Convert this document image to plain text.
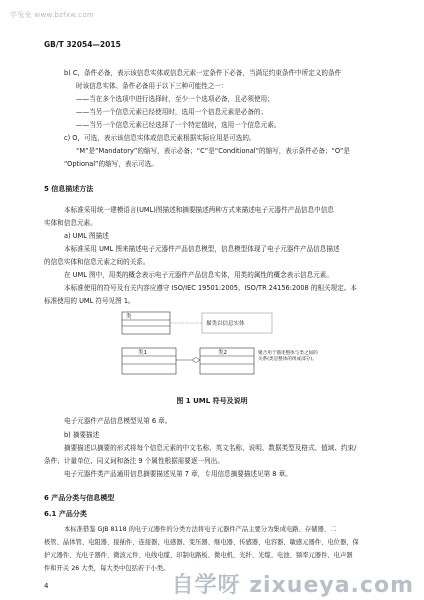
学兔兔 www.bzfxw.com
GB/T 32054—2015
b) C，条件必备，表示该信息实体或信息元素一定条件下必备，当满足约束条件中所定义的条件
时该信息实体、条件必备用于以下三种可能性之一：
——当在多个选项中进行选择时，至少一个选项必备，且必须使用；
——当另一个信息元素已经使用时，选用一个信息元素是必备的；
——当另一个信息元素已经选择了一个特定值时，选用一个信息元素。
c) O，可选，表示该信息实体或信息元素根据实际应用是可选的。
“M”是“Mandatory”的缩写，表示必备；“C”是“Conditional”的缩写，表示条件必备；“O”是
“Optional”的缩写，表示可选。
5 信息描述方法
本标准采用统一建模语言(UML)图描述和摘要描述两种方式来描述电子元器件产品信息中信息
实体和信息元素。
a) UML 图描述
本标准采用 UML 图来描述电子元器件产品信息模型，信息模型体现了电子元器件产品信息描述
的信息实体和信息元素之间的关系。
在 UML 图中，用类的概念表示电子元器件产品信息实体，用类的属性的概念表示信息元素。
本标准使用的符号及有关内容应遵守 ISO/IEC 19501:2005、ISO/TR 24156:2008 的相关规定。本
标准使用的 UML 符号见图 1。
类
描类以信息实体
类1	类2	聚合用于描述整体与类之间的
关系(类是整体的组成部分)。
图 1 UML 符号及说明
电子元器件产品信息模型见第 6 章。
b) 摘要描述
摘要描述以摘要的形式将每个信息元素的中文名称、英文名称、说明、数据类型及格式、值域、约束/
条件、计量单位、同义词和备注 9 个属性根据需要逐一列出。
电子元器件类产品通用信息摘要描述见第 7 章，专用信息摘要描述见第 8 章。
6 产品分类与信息模型
6.1 产品分类
本标准借鉴 GJB 8118 的电子元器件的分类方法将电子元器件产品主要分为集成电路、存储器、二
极管、晶体管、电阻器、接插件、连接器、电感器、变压器、继电器、传感器、电容器、敏感元器件、电位器、保
护元器件、光电子器件、微波元件、电线电缆、印制电路板、微电机、光纤、光缆、电池、频率元器件、电声器
件和开关 26 大类，每大类中包括若干小类。
4	自学呀 zixueya.com
